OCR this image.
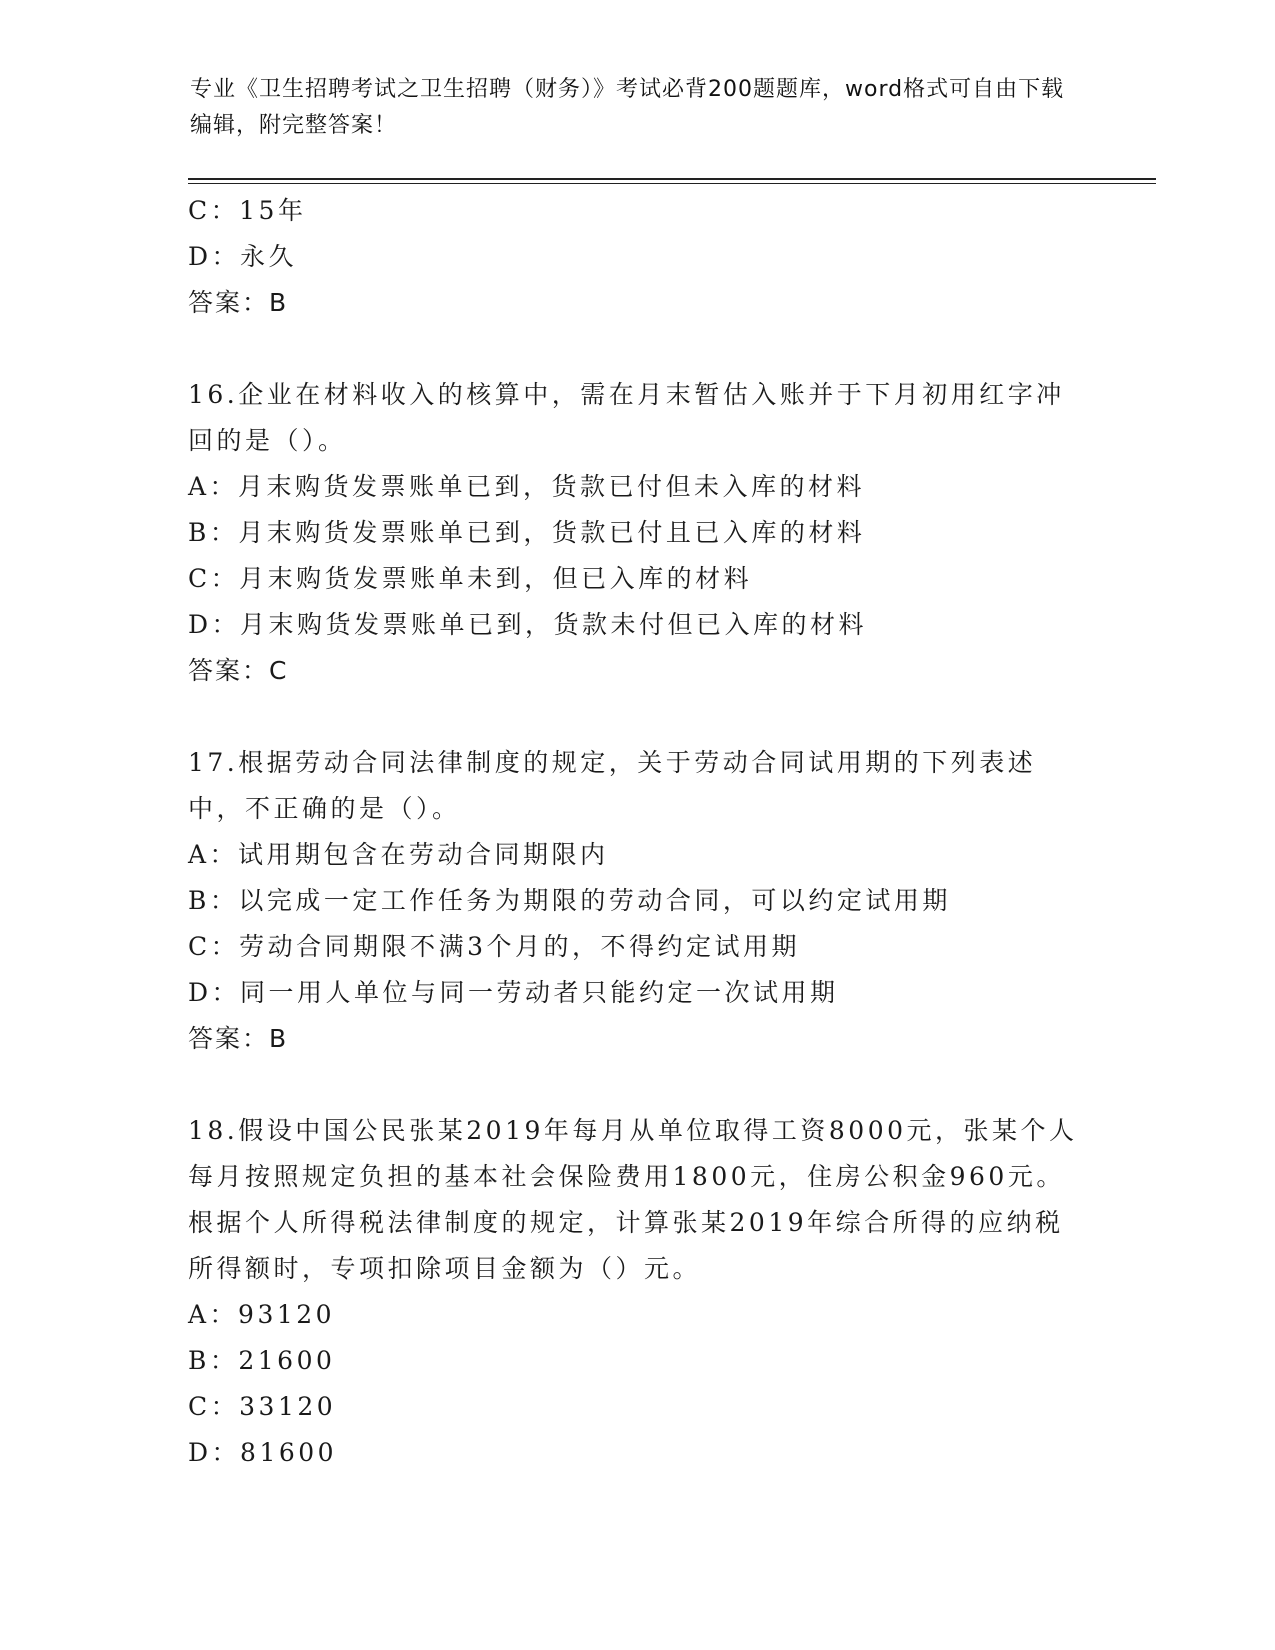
专业《卫生招聘考试之卫生招聘（财务）》考试必背200题题库，word格式可自由下载编辑，附完整答案！
C：15年
D：永久
答案：B
16.企业在材料收入的核算中，需在月末暂估入账并于下月初用红字冲回的是（）。
A：月末购货发票账单已到，货款已付但未入库的材料
B：月末购货发票账单已到，货款已付且已入库的材料
C：月末购货发票账单未到，但已入库的材料
D：月末购货发票账单已到，货款未付但已入库的材料
答案：C
17.根据劳动合同法律制度的规定，关于劳动合同试用期的下列表述中，不正确的是（）。
A：试用期包含在劳动合同期限内
B：以完成一定工作任务为期限的劳动合同，可以约定试用期
C：劳动合同期限不满3个月的，不得约定试用期
D：同一用人单位与同一劳动者只能约定一次试用期
答案：B
18.假设中国公民张某2019年每月从单位取得工资8000元，张某个人每月按照规定负担的基本社会保险费用1800元，住房公积金960元。根据个人所得税法律制度的规定，计算张某2019年综合所得的应纳税所得额时，专项扣除项目金额为（）元。
A：93120
B：21600
C：33120
D：81600
